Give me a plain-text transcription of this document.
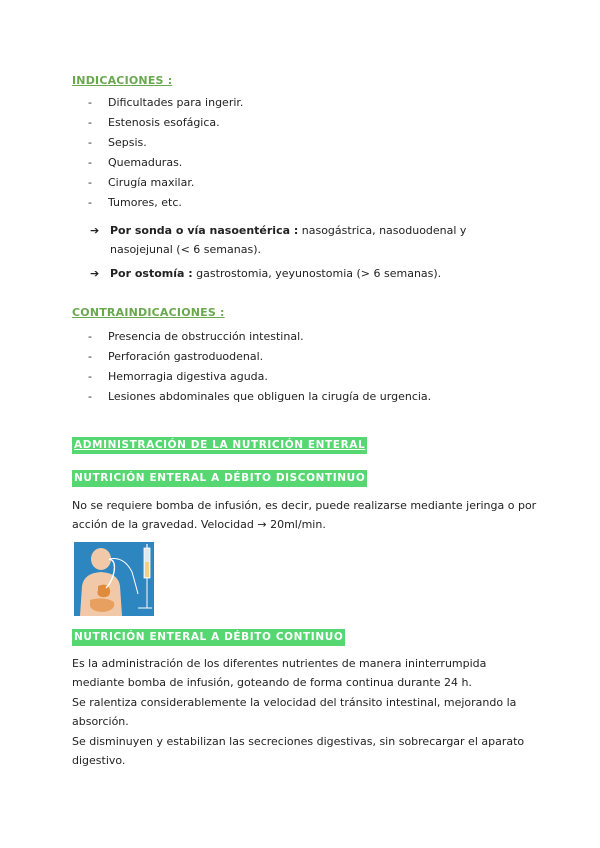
INDICACIONES :
- Dificultades para ingerir.
- Estenosis esofágica.
- Sepsis.
- Quemaduras.
- Cirugía maxilar.
- Tumores, etc.
➔ Por sonda o vía nasoentérica : nasogástrica, nasoduodenal y nasojejunal (< 6 semanas).
➔ Por ostomía : gastrostomia, yeyunostomia (> 6 semanas).
CONTRAINDICACIONES :
- Presencia de obstrucción intestinal.
- Perforación gastroduodenal.
- Hemorragia digestiva aguda.
- Lesiones abdominales que obliguen la cirugía de urgencia.
ADMINISTRACIÓN DE LA NUTRICIÓN ENTERAL
NUTRICIÓN ENTERAL A DÉBITO DISCONTINUO
No se requiere bomba de infusión, es decir, puede realizarse mediante jeringa o por acción de la gravedad. Velocidad → 20ml/min.
NUTRICIÓN ENTERAL A DÉBITO CONTINUO
Es la administración de los diferentes nutrientes de manera ininterrumpida mediante bomba de infusión, goteando de forma continua durante 24 h.
Se ralentiza considerablemente la velocidad del tránsito intestinal, mejorando la absorción.
Se disminuyen y estabilizan las secreciones digestivas, sin sobrecargar el aparato digestivo.
